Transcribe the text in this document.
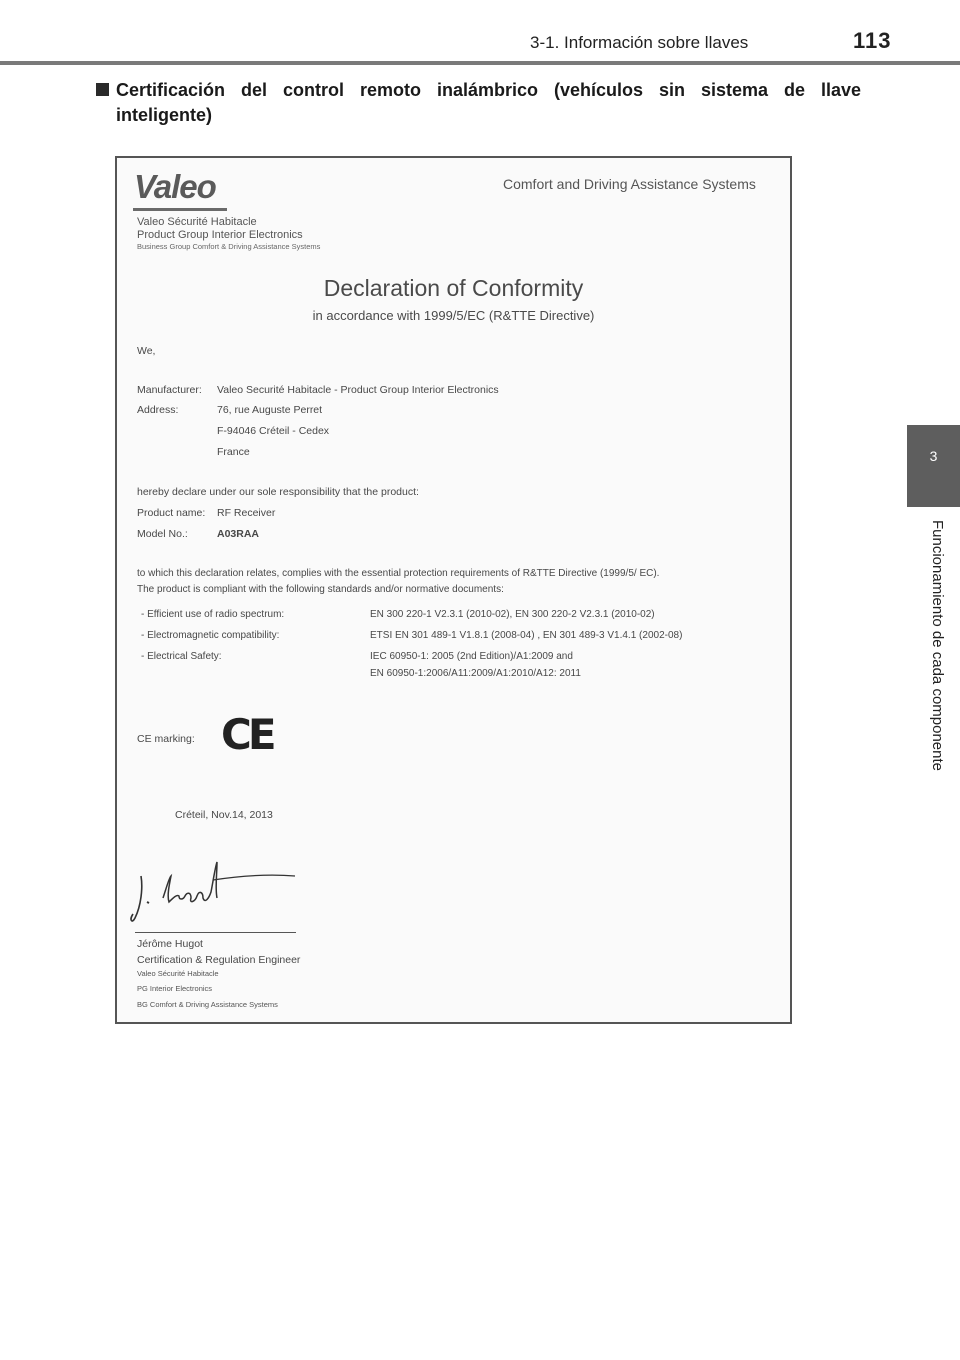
3-1. Información sobre llaves	113
3
Funcionamiento de cada componente
Certificación del control remoto inalámbrico (vehículos sin sistema de llave
inteligente)
Valeo	Comfort and Driving Assistance Systems
Valeo Sécurité Habitacle
Product Group Interior Electronics
Business Group Comfort & Driving Assistance Systems
Declaration of Conformity
in accordance with 1999/5/EC (R&TTE Directive)
We,
Manufacturer: Valeo Securité Habitacle - Product Group Interior Electronics
Address:	76, rue Auguste Perret
F-94046 Créteil - Cedex
France
hereby declare under our sole responsibility that the product:
Product name: RF Receiver
Model No.:	A03RAA
to which this declaration relates, complies with the essential protection requirements of R&TTE Directive (1999/5/ EC).
The product is compliant with the following standards and/or normative documents:
- Efficient use of radio spectrum:	EN 300 220-1 V2.3.1 (2010-02), EN 300 220-2 V2.3.1 (2010-02)
- Electromagnetic compatibility:	ETSI EN 301 489-1 V1.8.1 (2008-04) , EN 301 489-3 V1.4.1 (2002-08)
- Electrical Safety:	IEC 60950-1: 2005 (2nd Edition)/A1:2009 and
EN 60950-1:2006/A11:2009/A1:2010/A12: 2011
CE marking: CE
Créteil, Nov.14, 2013
Jérôme Hugot
Certification & Regulation Engineer
Valeo Sécurité Habitacle
PG Interior Electronics
BG Comfort & Driving Assistance Systems
